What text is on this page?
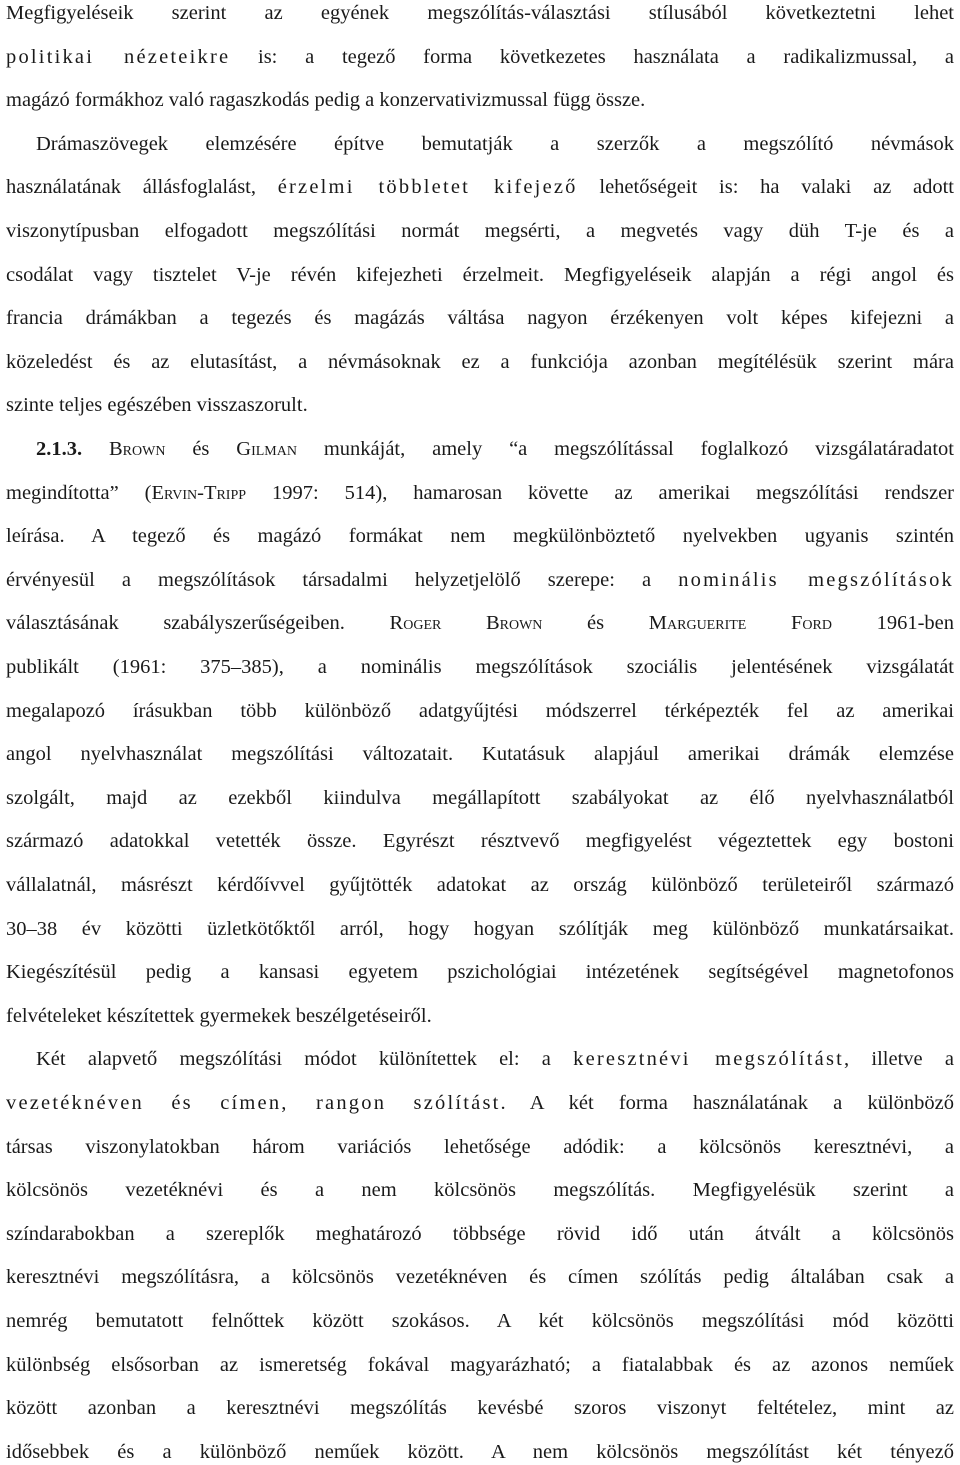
Megfigyeléseik szerint az egyének megszólítás-választási stílusából következtetni lehet
politikai nézeteikre is: a tegező forma következetes használata a radikalizmussal, a
magázó formákhoz való ragaszkodás pedig a konzervativizmussal függ össze.
Drámaszövegek elemzésére építve bemutatják a szerzők a megszólító névmások
használatának állásfoglalást, érzelmi többletet kifejező lehetőségeit is: ha valaki az adott
viszonytípusban elfogadott megszólítási normát megsérti, a megvetés vagy düh T-je és a
csodálat vagy tisztelet V-je révén kifejezheti érzelmeit. Megfigyeléseik alapján a régi angol és
francia drámákban a tegezés és magázás váltása nagyon érzékenyen volt képes kifejezni a
közeledést és az elutasítást, a névmásoknak ez a funkciója azonban megítélésük szerint mára
szinte teljes egészében visszaszorult.
2.1.3. Brown és Gilman munkáját, amely “a megszólítással foglalkozó vizsgálatáradatot
megindította” (Ervin-Tripp 1997: 514), hamarosan követte az amerikai megszólítási rendszer
leírása. A tegező és magázó formákat nem megkülönböztető nyelvekben ugyanis szintén
érvényesül a megszólítások társadalmi helyzetjelölő szerepe: a nominális megszólítások
választásának szabályszerűségeiben. Roger Brown és Marguerite Ford 1961-ben
publikált (1961: 375–385), a nominális megszólítások szociális jelentésének vizsgálatát
megalapozó írásukban több különböző adatgyűjtési módszerrel térképezték fel az amerikai
angol nyelvhasználat megszólítási változatait. Kutatásuk alapjául amerikai drámák elemzése
szolgált, majd az ezekből kiindulva megállapított szabályokat az élő nyelvhasználatból
származó adatokkal vetették össze. Egyrészt résztvevő megfigyelést végeztettek egy bostoni
vállalatnál, másrészt kérdőívvel gyűjtötték adatokat az ország különböző területeiről származó
30–38 év közötti üzletkötőktől arról, hogy hogyan szólítják meg különböző munkatársaikat.
Kiegészítésül pedig a kansasi egyetem pszichológiai intézetének segítségével magnetofonos
felvételeket készítettek gyermekek beszélgetéseiről.
Két alapvető megszólítási módot különítettek el: a keresztnévi megszólítást, illetve a
vezetéknéven és címen, rangon szólítást. A két forma használatának a különböző
társas viszonylatokban három variációs lehetősége adódik: a kölcsönös keresztnévi, a
kölcsönös vezetéknévi és a nem kölcsönös megszólítás. Megfigyelésük szerint a
színdarabokban a szereplők meghatározó többsége rövid idő után átvált a kölcsönös
keresztnévi megszólításra, a kölcsönös vezetéknéven és címen szólítás pedig általában csak a
nemrég bemutatott felnőttek között szokásos. A két kölcsönös megszólítási mód közötti
különbség elsősorban az ismeretség fokával magyarázható; a fiatalabbak és az azonos neműek
között azonban a keresztnévi megszólítás kevésbé szoros viszonyt feltételez, mint az
idősebbek és a különböző neműek között. A nem kölcsönös megszólítást két tényező
